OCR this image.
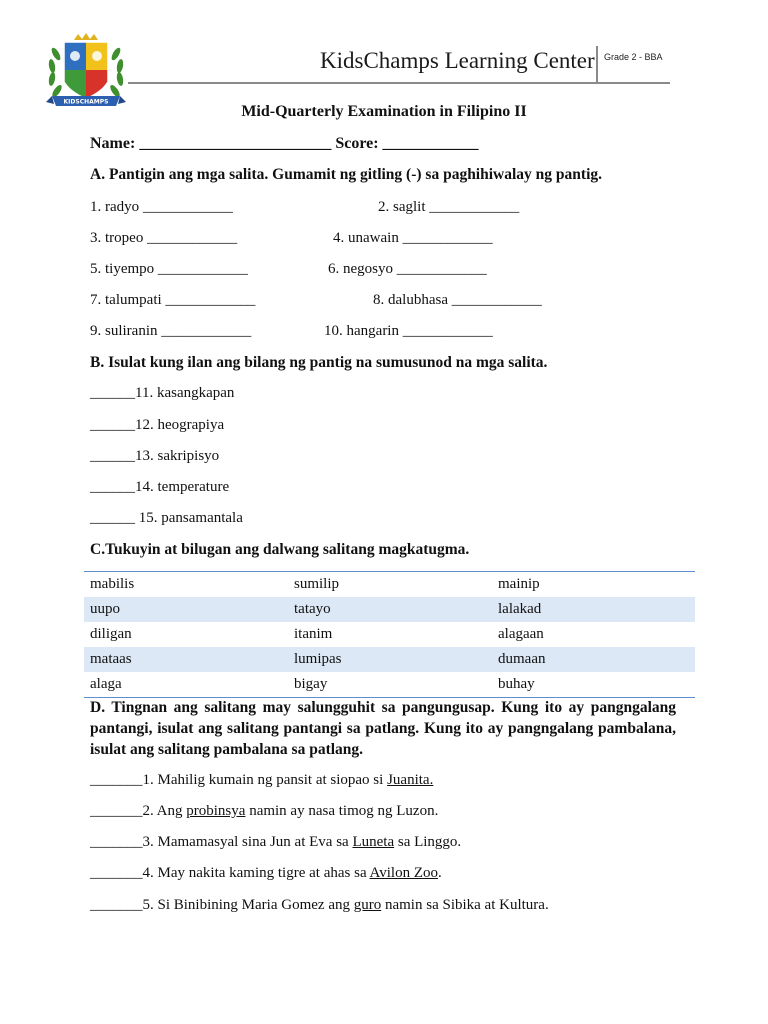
KIDSCHAMPS
KidsChamps Learning Center Grade 2 - BBA
Mid-Quarterly Examination in Filipino II
Name: ________________________ Score: ____________
A. Pantigin ang mga salita. Gumamit ng gitling (-) sa paghihiwalay ng pantig.
1. radyo ____________	2. saglit ____________
3. tropeo ____________	4. unawain ____________
5. tiyempo ____________	6. negosyo ____________
7. talumpati ____________	8. dalubhasa ____________
9. suliranin ____________	10. hangarin ____________
B. Isulat kung ilan ang bilang ng pantig na sumusunod na mga salita.
______11. kasangkapan
______12. heograpiya
______13. sakripisyo
______14. temperature
______ 15. pansamantala
C.Tukuyin at bilugan ang dalwang salitang magkatugma.
mabilis	sumilip	mainip
uupo	tatayo	lalakad
diligan	itanim	alagaan
mataas	lumipas	dumaan
alaga	bigay	buhay
D. Tingnan ang salitang may salungguhit sa pangungusap. Kung ito ay pangngalang pantangi, isulat ang salitang pantangi sa patlang. Kung ito ay pangngalang pambalana, isulat ang salitang pambalana sa patlang.
_______1. Mahilig kumain ng pansit at siopao si Juanita.
_______2. Ang probinsya namin ay nasa timog ng Luzon.
_______3. Mamamasyal sina Jun at Eva sa Luneta sa Linggo.
_______4. May nakita kaming tigre at ahas sa Avilon Zoo.
_______5. Si Binibining Maria Gomez ang guro namin sa Sibika at Kultura.
